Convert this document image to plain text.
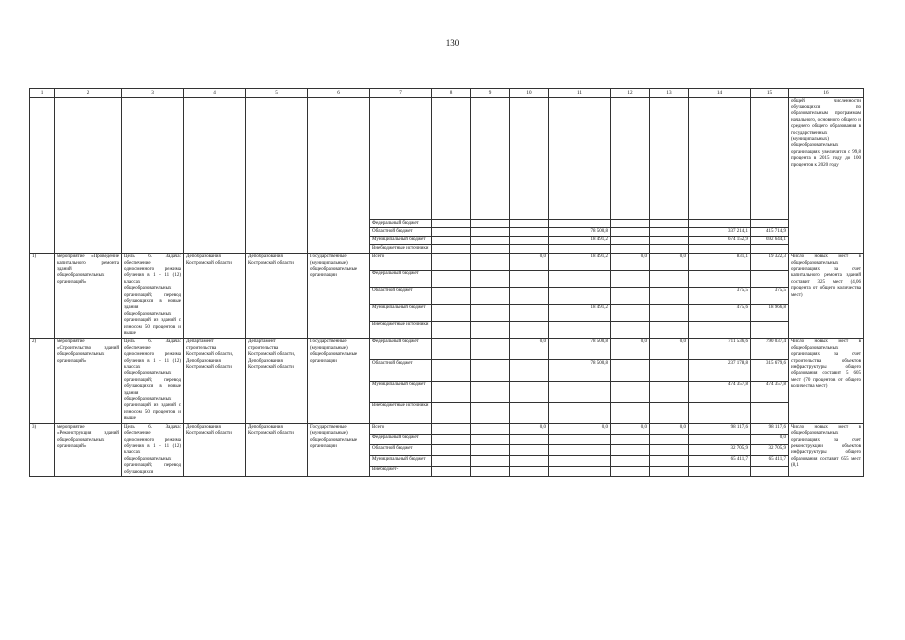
130
1	2	3	4	5	6	7	8	9	10	11	12	13	14	15	16
															общей численности обучающихся по образовательным программам начального, основного общего и среднего общего образования в государственных (муниципальных) общеобразовательных организациях увеличится с 99,8 процента в 2015 году до 100 процентов к 2020 году
						Федеральный бюджет									
						Областной бюджет				78 500,8			337 214,1	415 714,9	
						Муниципальный бюджет				18 491,2			674 152,9	692 644,1	
						Внебюджетные источники									
1)	мероприятие «Проведение капитального ремонта зданий общеобразовательных организаций»	Цель 6. Задача: обеспечение односменного режима обучения в 1 - 11 (12) классах общеобразовательных организаций; перевод обучающихся в новые здания общеобразовательных организаций из зданий с износом 50 процентов и выше	Депобразования Костромской области	Депобразования Костромской области	Государственные (муниципальные) общеобразовательные организации	Всего			0,0	18 491,2	0,0	0,0	831,1	19 322,3	Число новых мест в общеобразовательных организациях за счет капитального ремонта зданий составит 325 мест (4,06 процента от общего количества мест)
						Федеральный бюджет									
						Областной бюджет							375,5	375,5	
						Муниципальный бюджет				18 491,2			475,6	18 966,8	
						Внебюджетные источники									
2)	мероприятие «Строительство зданий общеобразовательных организаций»	Цель 6. Задача: обеспечение односменного режима обучения в 1 - 11 (12) классах общеобразовательных организаций; перевод обучающихся в новые здания общеобразовательных организаций из зданий с износом 50 процентов и выше	Департамент строительства Костромской области, Депобразования Костромской области	Департамент строительства Костромской области, Депобразования Костромской области	Государственные (муниципальные) общеобразовательные организации	Федеральный бюджет			0,0	78 500,8	0,0	0,0	711 536,6	790 037,4	Число новых мест в общеобразовательных организациях за счет строительства объектов инфраструктуры общего образования составит 5 605 мест (70 процентов от общего количества мест)
						Областной бюджет				78 500,8			237 178,8	315 679,6	
						Муниципальный бюджет							474 357,8	474 357,8	
						Внебюджетные источники									
3)	мероприятие «Реконструкция зданий общеобразовательных организаций»	Цель 6. Задача: обеспечение односменного режима обучения в 1 - 11 (12) классах общеобразовательных организаций; перевод обучающихся	Депобразования Костромской области	Депобразования Костромской области	Государственные (муниципальные) общеобразовательные организации	Всего			0,0	0,0	0,0	0,0	98 117,6	98 117,6	Число новых мест в общеобразовательных организациях за счет реконструкции объектов инфраструктуры общего образования составит 655 мест (8,1
						Федеральный бюджет								0,0	
						Областной бюджет							32 705,9	32 705,9	
						Муниципальный бюджет							65 411,7	65 411,7	
						Внебюджет-									
